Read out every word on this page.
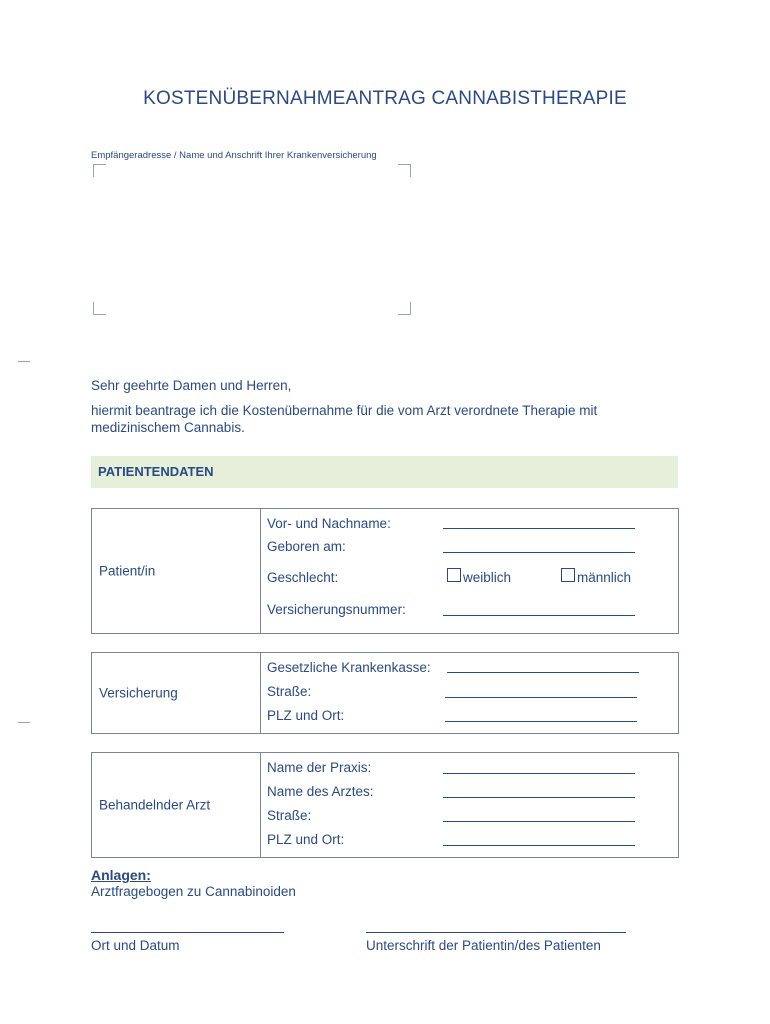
KOSTENÜBERNAHMEANTRAG CANNABISTHERAPIE
Empfängeradresse / Name und Anschrift Ihrer Krankenversicherung
Sehr geehrte Damen und Herren,
hiermit beantrage ich die Kostenübernahme für die vom Arzt verordnete Therapie mit
medizinischem Cannabis.
PATIENTENDATEN
Patient/in
Vor- und Nachname:
Geboren am:
Geschlecht:	weiblich	männlich
Versicherungsnummer:
Versicherung
Gesetzliche Krankenkasse:
Straße:
PLZ und Ort:
Behandelnder Arzt
Name der Praxis:
Name des Arztes:
Straße:
PLZ und Ort:
Anlagen:
Arztfragebogen zu Cannabinoiden
Ort und Datum	Unterschrift der Patientin/des Patienten
